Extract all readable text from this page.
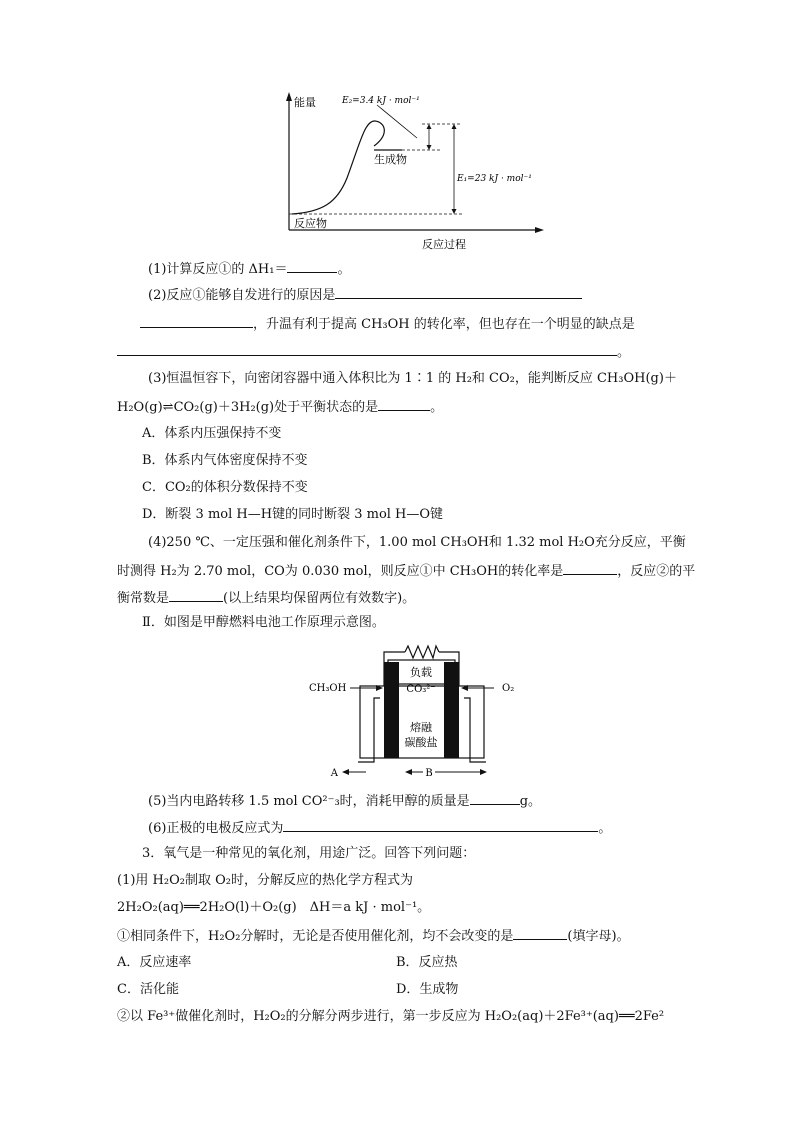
能量
反应过程
E₂=3.4 kJ · mol⁻¹
生成物
E₁=23 kJ · mol⁻¹
反应物
(1)计算反应①的 ΔH₁＝	。
(2)反应①能够自发进行的原因是
，升温有利于提高 CH₃OH 的转化率，但也存在一个明显的缺点是
。
(3)恒温恒容下，向密闭容器中通入体积比为 1∶1 的 H₂和 CO₂，能判断反应 CH₃OH(g)＋
H₂O(g)⇌CO₂(g)＋3H₂(g)处于平衡状态的是	。
A．体系内压强保持不变
B．体系内气体密度保持不变
C．CO₂的体积分数保持不变
D．断裂 3 mol H—H键的同时断裂 3 mol H—O键
(4)250 ℃、一定压强和催化剂条件下，1.00 mol CH₃OH和 1.32 mol H₂O充分反应，平衡
时测得 H₂为 2.70 mol，CO为 0.030 mol，则反应①中 CH₃OH的转化率是	，反应②的平
衡常数是	(以上结果均保留两位有效数字)。
Ⅱ．如图是甲醇燃料电池工作原理示意图。
负载
CO₃²⁻
熔融
碳酸盐
CH₃OH	O₂
A	B
(5)当内电路转移 1.5 mol CO²⁻₃时，消耗甲醇的质量是	g。
(6)正极的电极反应式为	。
3．氧气是一种常见的氧化剂，用途广泛。回答下列问题：
(1)用 H₂O₂制取 O₂时，分解反应的热化学方程式为
2H₂O₂(aq)══2H₂O(l)＋O₂(g)　ΔH＝a kJ · mol⁻¹。
①相同条件下，H₂O₂分解时，无论是否使用催化剂，均不会改变的是	(填字母)。
A．反应速率	B．反应热
C．活化能	D．生成物
②以 Fe³⁺做催化剂时，H₂O₂的分解分两步进行，第一步反应为 H₂O₂(aq)＋2Fe³⁺(aq)══2Fe²
